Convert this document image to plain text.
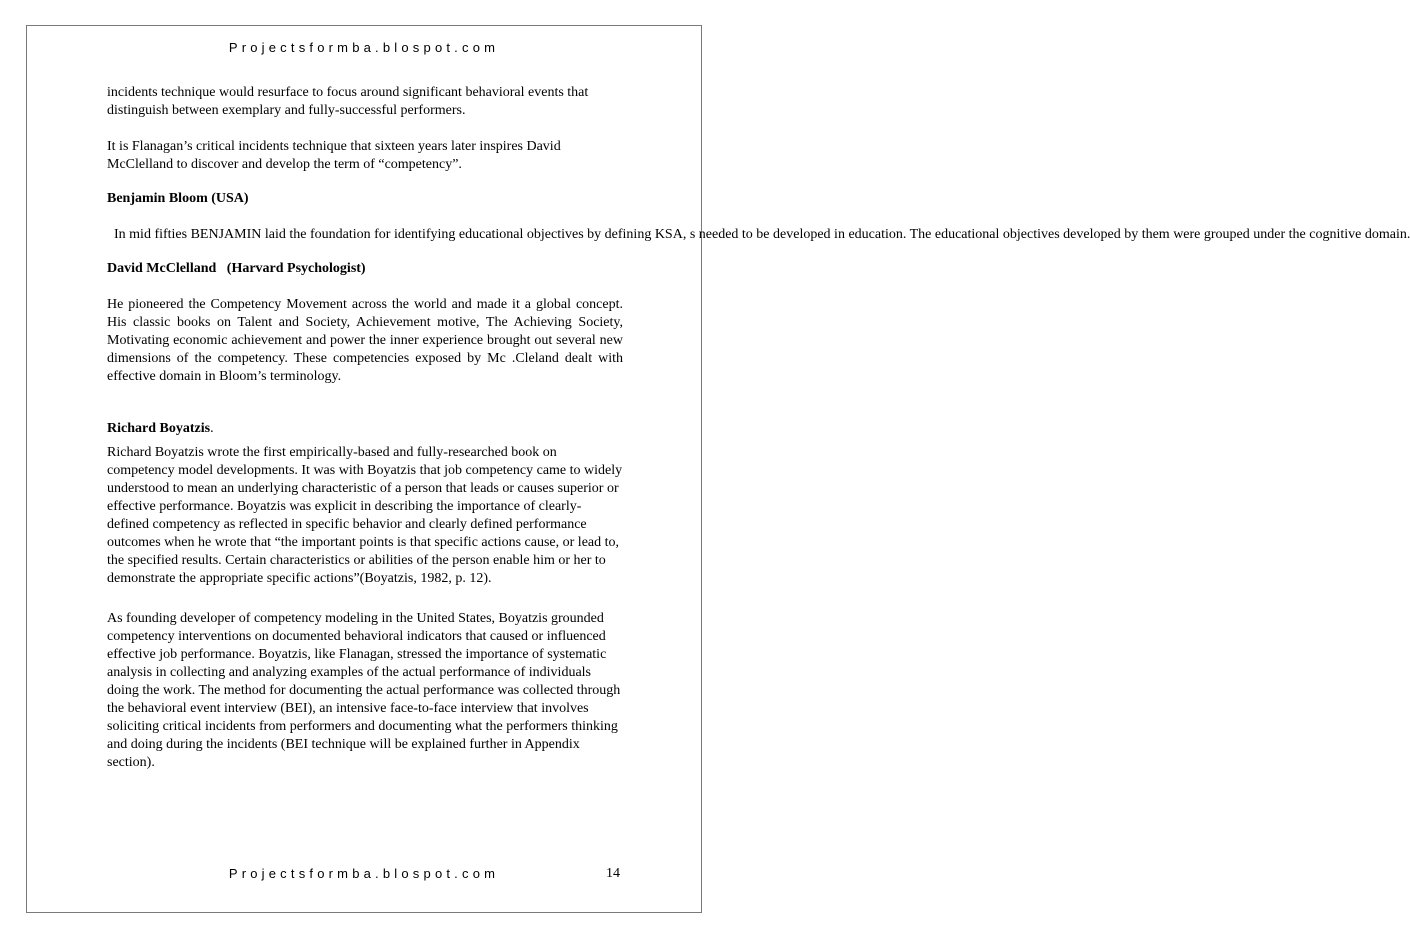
Projectsformba.blospot.com

incidents technique would resurface to focus around significant behavioral events that distinguish between exemplary and fully-successful performers.

It is Flanagan’s critical incidents technique that sixteen years later inspires David McClelland to discover and develop the term of “competency”.

Benjamin Bloom (USA)

In mid fifties BENJAMIN laid the foundation for identifying educational objectives by defining KSA, s needed to be developed in education. The educational objectives developed by them were grouped under the cognitive domain.

David McClelland   (Harvard Psychologist)

He pioneered the Competency Movement across the world and made it a global concept. His classic books on Talent and Society, Achievement motive, The Achieving Society, Motivating economic achievement and power the inner experience brought out several new dimensions of the competency. These competencies exposed by Mc .Cleland dealt with effective domain in Bloom’s terminology.

Richard Boyatzis.

Richard Boyatzis wrote the first empirically-based and fully-researched book on competency model developments. It was with Boyatzis that job competency came to widely understood to mean an underlying characteristic of a person that leads or causes superior or effective performance. Boyatzis was explicit in describing the importance of clearly-defined competency as reflected in specific behavior and clearly defined performance outcomes when he wrote that “the important points is that specific actions cause, or lead to, the specified results. Certain characteristics or abilities of the person enable him or her to demonstrate the appropriate specific actions”(Boyatzis, 1982, p. 12).

As founding developer of competency modeling in the United States, Boyatzis grounded competency interventions on documented behavioral indicators that caused or influenced effective job performance. Boyatzis, like Flanagan, stressed the importance of systematic analysis in collecting and analyzing examples of the actual performance of individuals doing the work. The method for documenting the actual performance was collected through the behavioral event interview (BEI), an intensive face-to-face interview that involves soliciting critical incidents from performers and documenting what the performers thinking and doing during the incidents (BEI technique will be explained further in Appendix section).

Projectsformba.blospot.com	14
